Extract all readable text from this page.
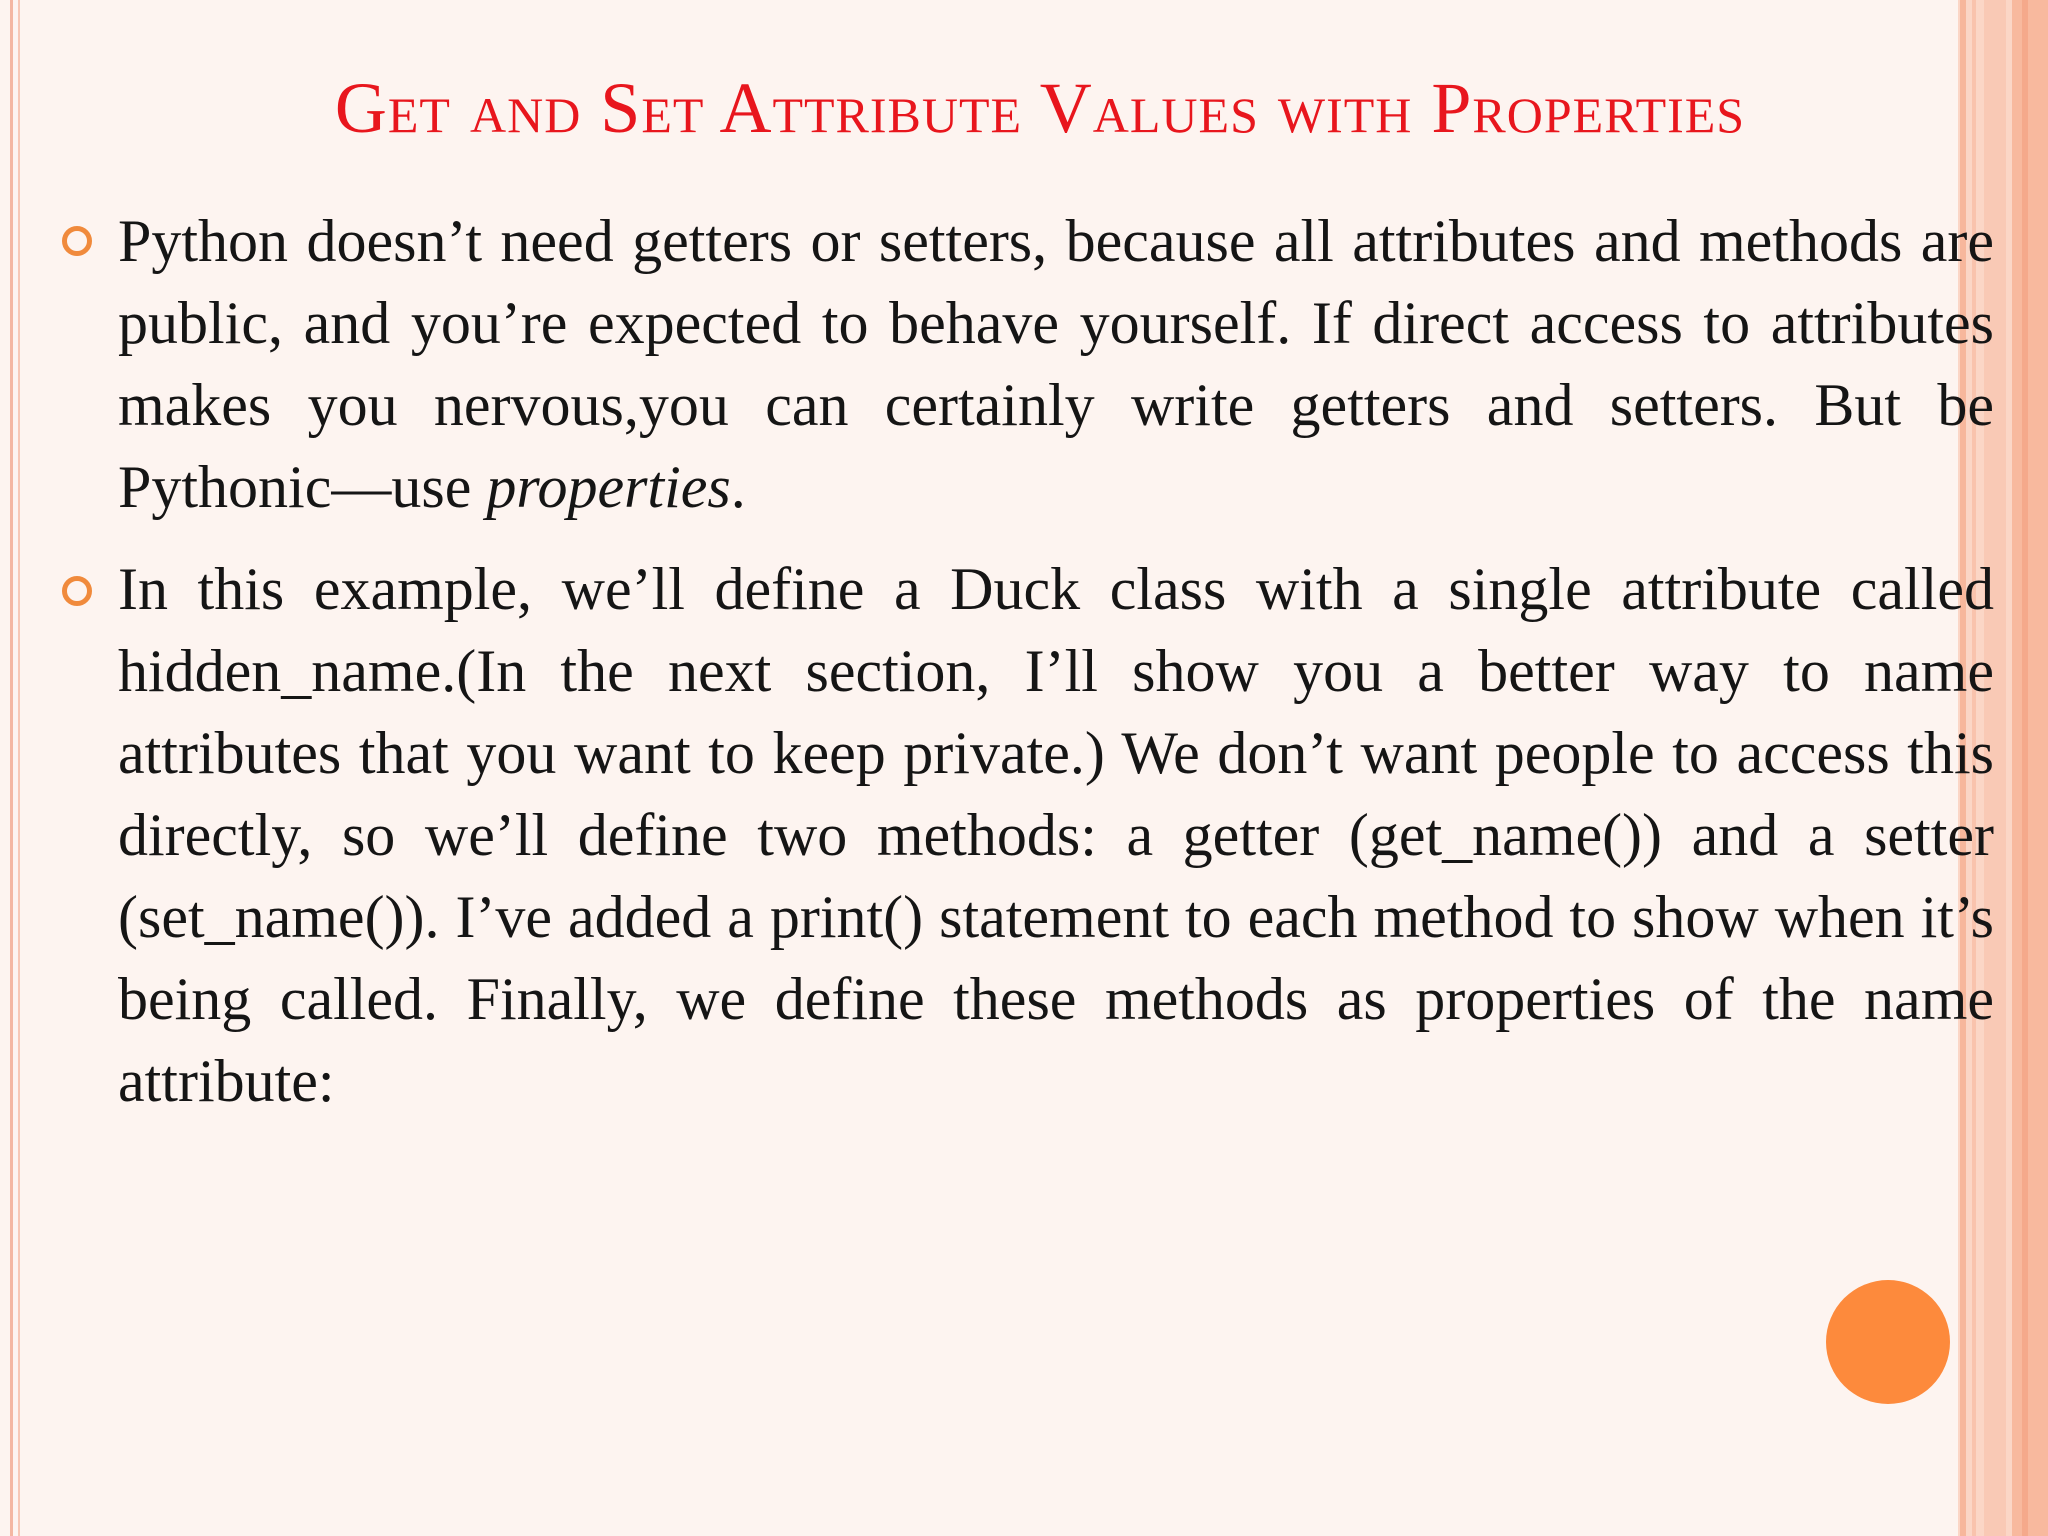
Get and Set Attribute Values with Properties
Python doesn’t need getters or setters, because all attributes and methods are public, and you’re expected to behave yourself. If direct access to attributes makes you nervous,you can certainly write getters and setters. But be Pythonic—use properties.
In this example, we’ll define a Duck class with a single attribute called hidden_name.(In the next section, I’ll show you a better way to name attributes that you want to keep private.) We don’t want people to access this directly, so we’ll define two methods: a getter (get_name()) and a setter (set_name()). I’ve added a print() statement to each method to show when it’s being called. Finally, we define these methods as properties of the name attribute:
